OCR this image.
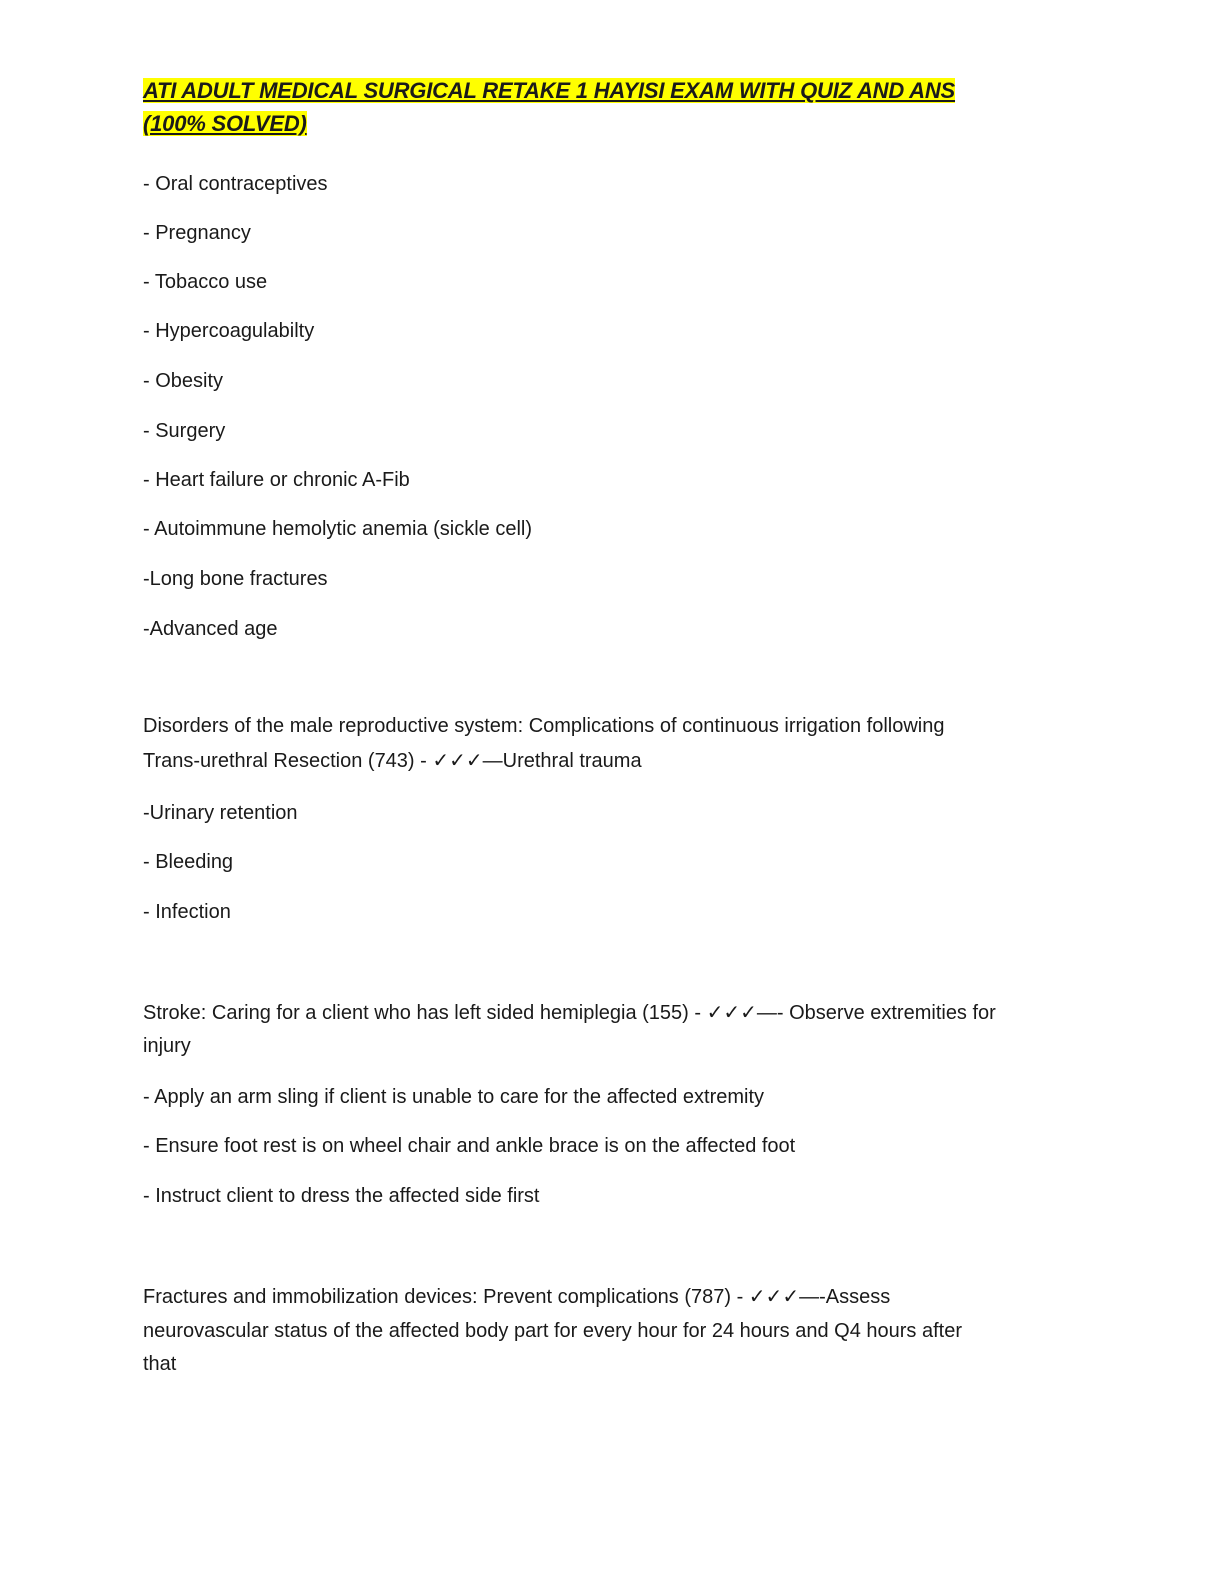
ATI ADULT MEDICAL SURGICAL RETAKE 1 HAYISI EXAM WITH QUIZ AND ANS
(100% SOLVED)

- Oral contraceptives

- Pregnancy

- Tobacco use

- Hypercoagulabilty

- Obesity

- Surgery

- Heart failure or chronic A-Fib

- Autoimmune hemolytic anemia (sickle cell)

-Long bone fractures

-Advanced age

Disorders of the male reproductive system: Complications of continuous irrigation following
Trans-urethral Resection (743) - ✓✓✓—Urethral trauma

-Urinary retention

- Bleeding

- Infection

Stroke: Caring for a client who has left sided hemiplegia (155) - ✓✓✓—- Observe extremities for
injury

- Apply an arm sling if client is unable to care for the affected extremity

- Ensure foot rest is on wheel chair and ankle brace is on the affected foot

- Instruct client to dress the affected side first

Fractures and immobilization devices: Prevent complications (787) - ✓✓✓—-Assess
neurovascular status of the affected body part for every hour for 24 hours and Q4 hours after
that
